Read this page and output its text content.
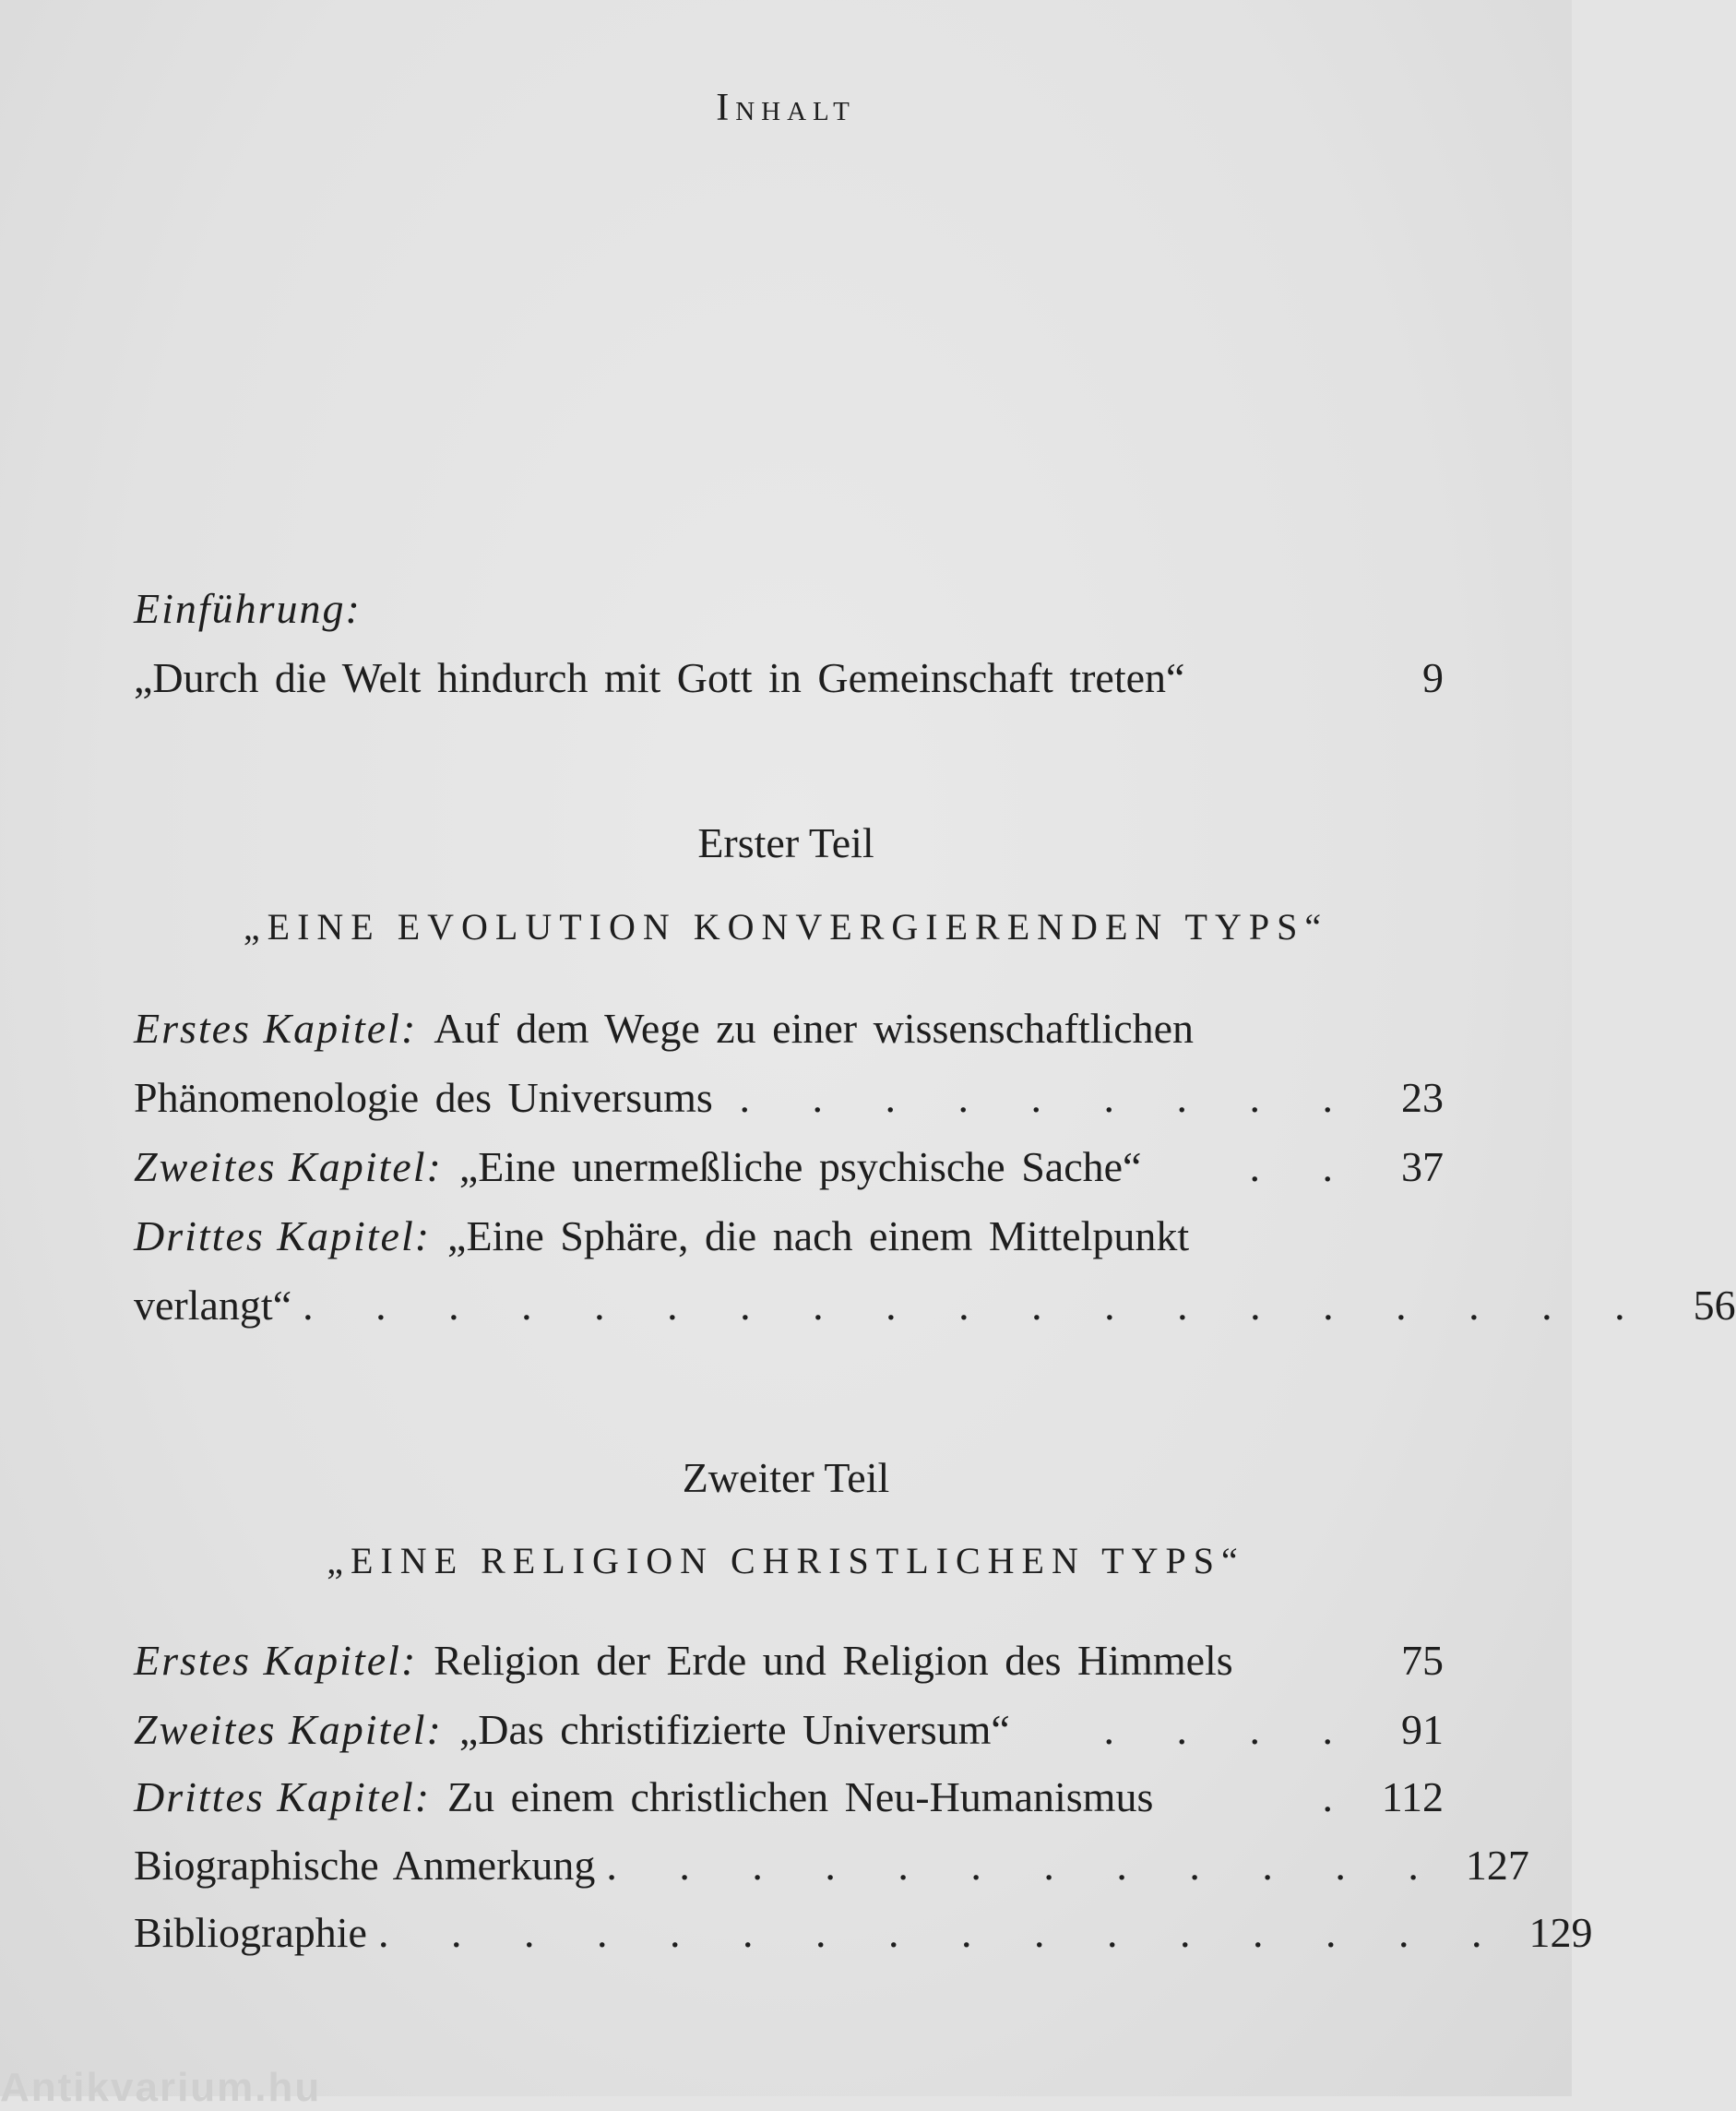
Inhalt
Einführung:
„Durch die Welt hindurch mit Gott in Gemeinschaft treten“	9
Erster Teil
„EINE EVOLUTION KONVERGIERENDEN TYPS“
Erstes Kapitel: Auf dem Wege zu einer wissenschaftlichen
Phänomenologie des Universums . . . . . . . . .	23
Zweites Kapitel: „Eine unermeßliche psychische Sache“	. .	37
Drittes Kapitel: „Eine Sphäre, die nach einem Mittelpunkt
verlangt“ . . . . . . . . . . . . . . . . . . .	56
Zweiter Teil
„EINE RELIGION CHRISTLICHEN TYPS“
Erstes Kapitel: Religion der Erde und Religion des Himmels	75
Zweites Kapitel: „Das christifizierte Universum“	. . . .	91
Drittes Kapitel: Zu einem christlichen Neu-Humanismus	. 112
Biographische Anmerkung . . . . . . . . . . . . 127
Bibliographie . . . . . . . . . . . . . . . . 129
Antikvarium.hu
